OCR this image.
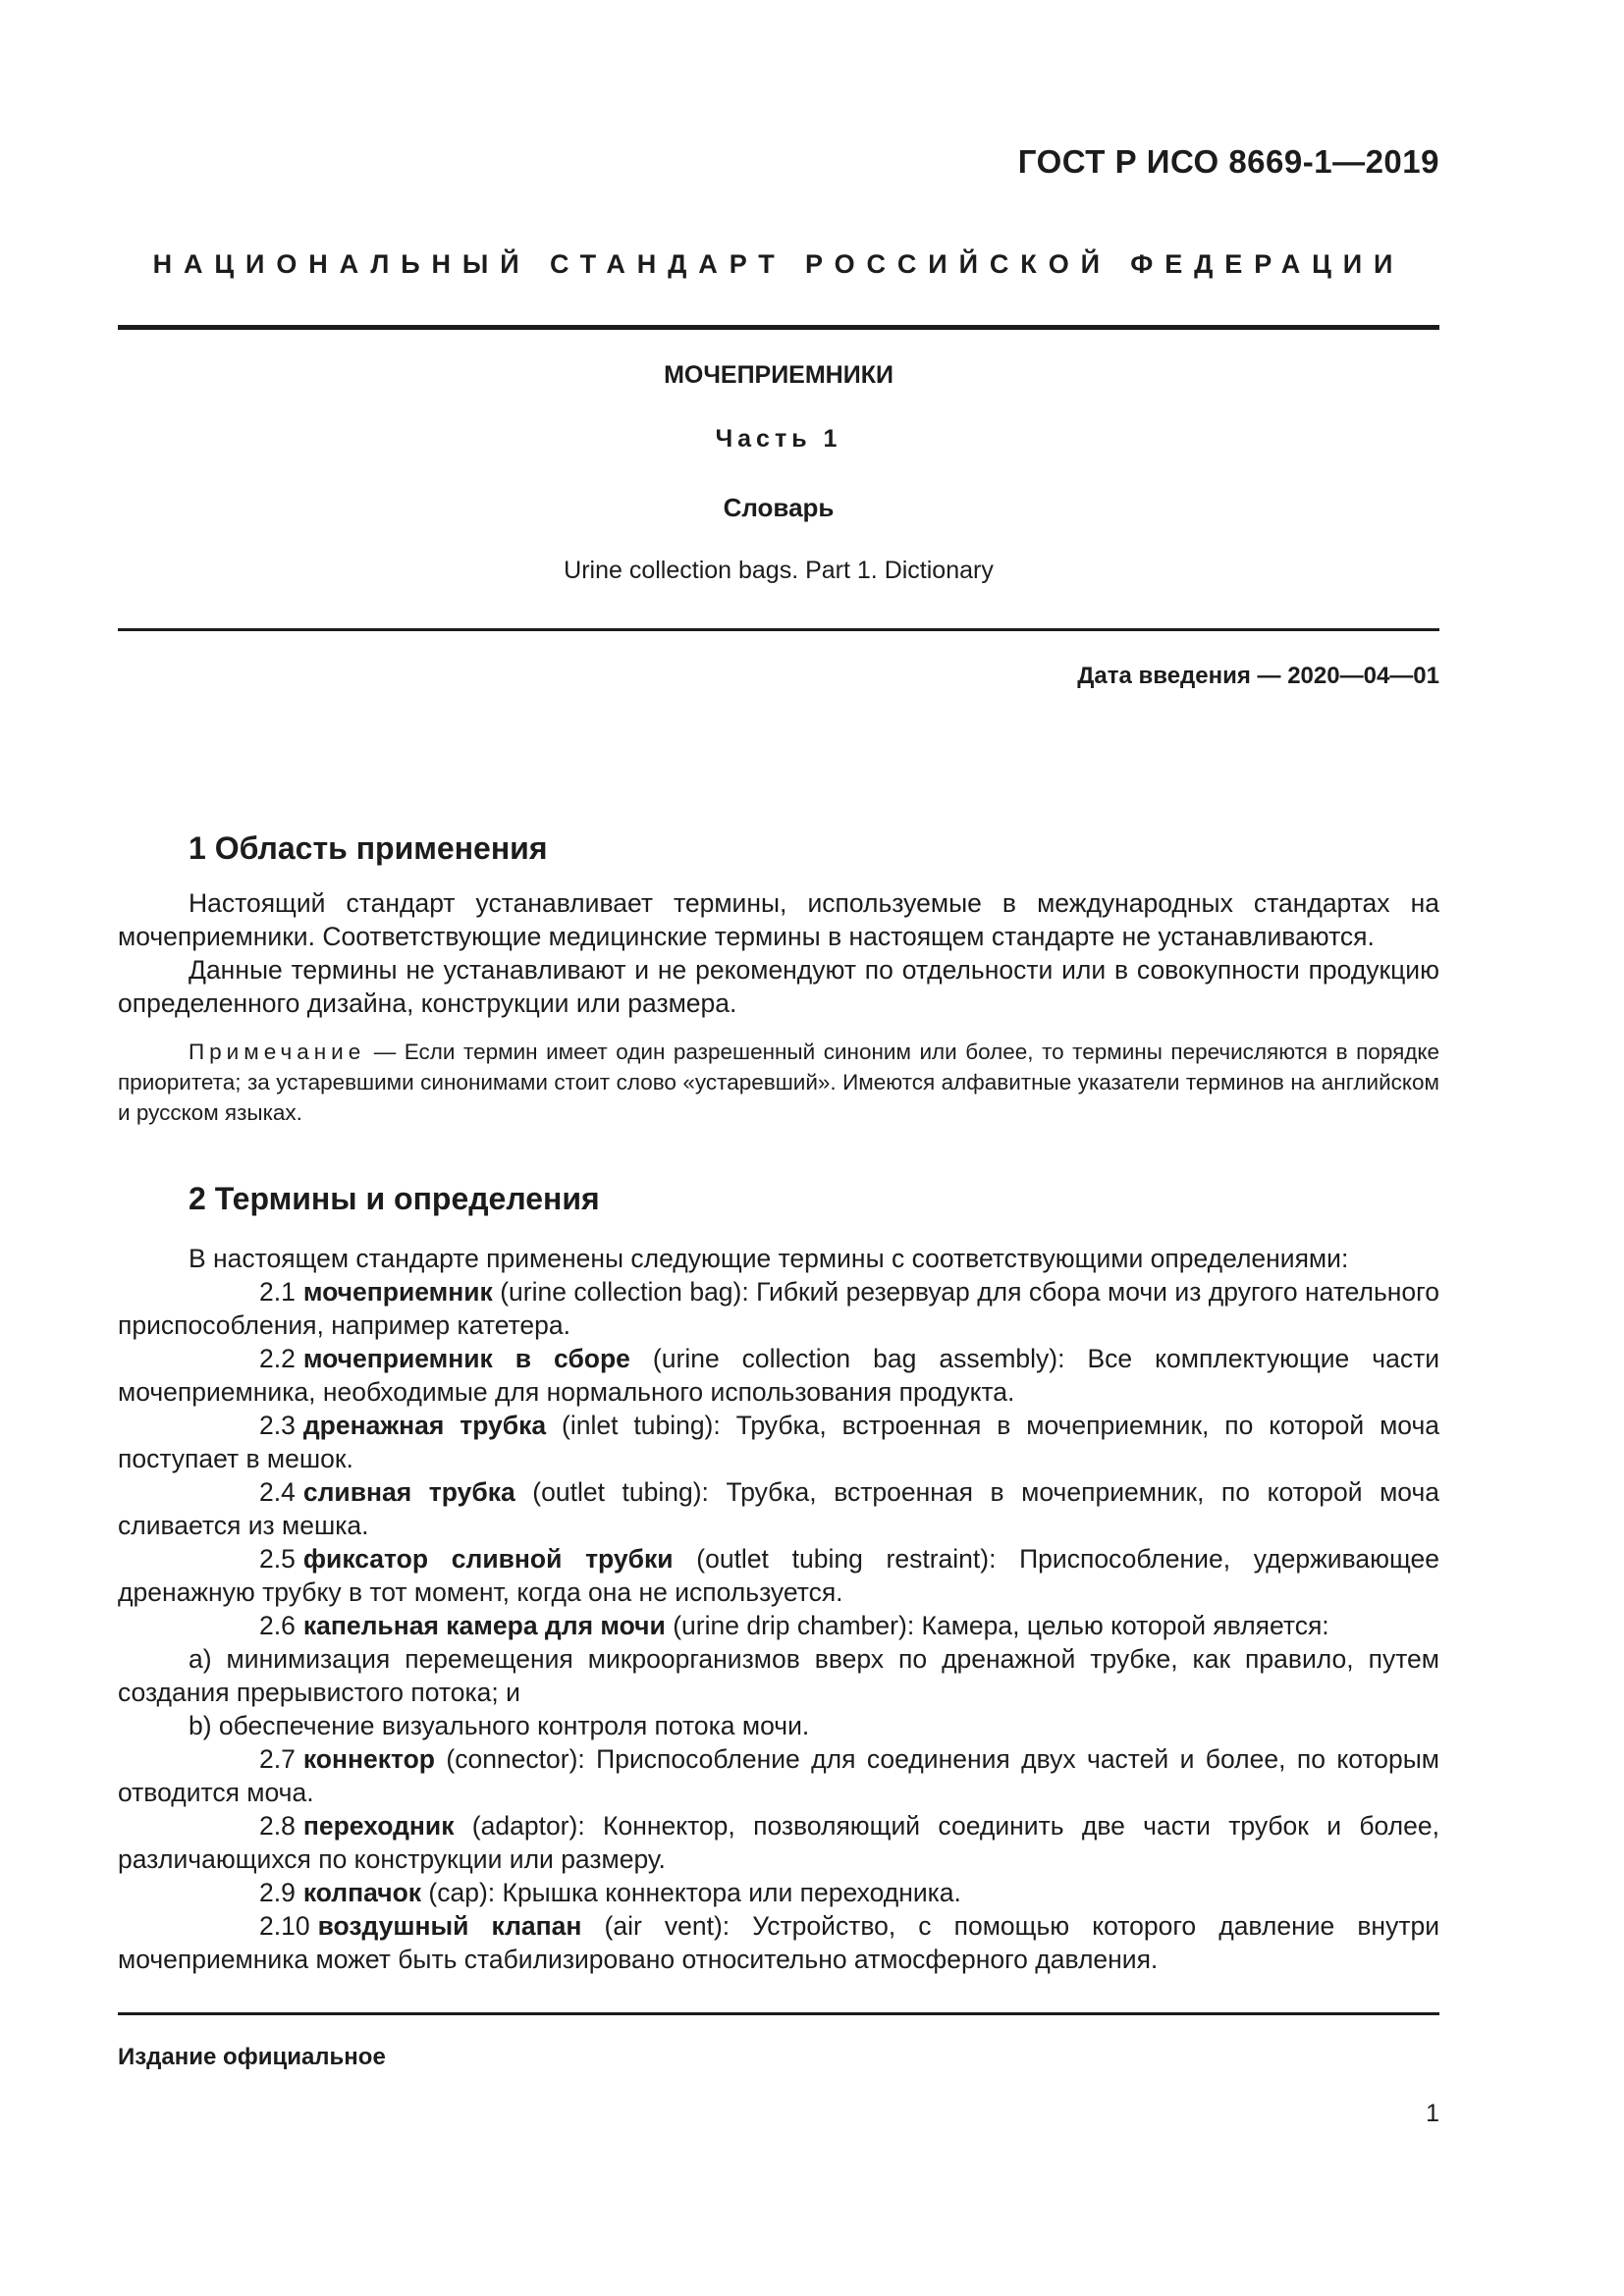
ГОСТ Р ИСО 8669-1—2019
НАЦИОНАЛЬНЫЙ СТАНДАРТ РОССИЙСКОЙ ФЕДЕРАЦИИ
МОЧЕПРИЕМНИКИ
Часть 1
Словарь
Urine collection bags. Part 1. Dictionary
Дата введения — 2020—04—01
1 Область применения

Настоящий стандарт устанавливает термины, используемые в международных стандартах на мочеприемники. Соответствующие медицинские термины в настоящем стандарте не устанавливаются.

Данные термины не устанавливают и не рекомендуют по отдельности или в совокупности продукцию определенного дизайна, конструкции или размера.

Примечание — Если термин имеет один разрешенный синоним или более, то термины перечисляются в порядке приоритета; за устаревшими синонимами стоит слово «устаревший». Имеются алфавитные указатели терминов на английском и русском языках.

2 Термины и определения

В настоящем стандарте применены следующие термины с соответствующими определениями:

2.1 мочеприемник (urine collection bag): Гибкий резервуар для сбора мочи из другого нательного приспособления, например катетера.

2.2 мочеприемник в сборе (urine collection bag assembly): Все комплектующие части мочеприемника, необходимые для нормального использования продукта.

2.3 дренажная трубка (inlet tubing): Трубка, встроенная в мочеприемник, по которой моча поступает в мешок.

2.4 сливная трубка (outlet tubing): Трубка, встроенная в мочеприемник, по которой моча сливается из мешка.

2.5 фиксатор сливной трубки (outlet tubing restraint): Приспособление, удерживающее дренажную трубку в тот момент, когда она не используется.

2.6 капельная камера для мочи (urine drip chamber): Камера, целью которой является:

a) минимизация перемещения микроорганизмов вверх по дренажной трубке, как правило, путем создания прерывистого потока; и

b) обеспечение визуального контроля потока мочи.

2.7 коннектор (connector): Приспособление для соединения двух частей и более, по которым отводится моча.

2.8 переходник (adaptor): Коннектор, позволяющий соединить две части трубок и более, различающихся по конструкции или размеру.

2.9 колпачок (cap): Крышка коннектора или переходника.

2.10 воздушный клапан (air vent): Устройство, с помощью которого давление внутри мочеприемника может быть стабилизировано относительно атмосферного давления.

Издание официальное
1
